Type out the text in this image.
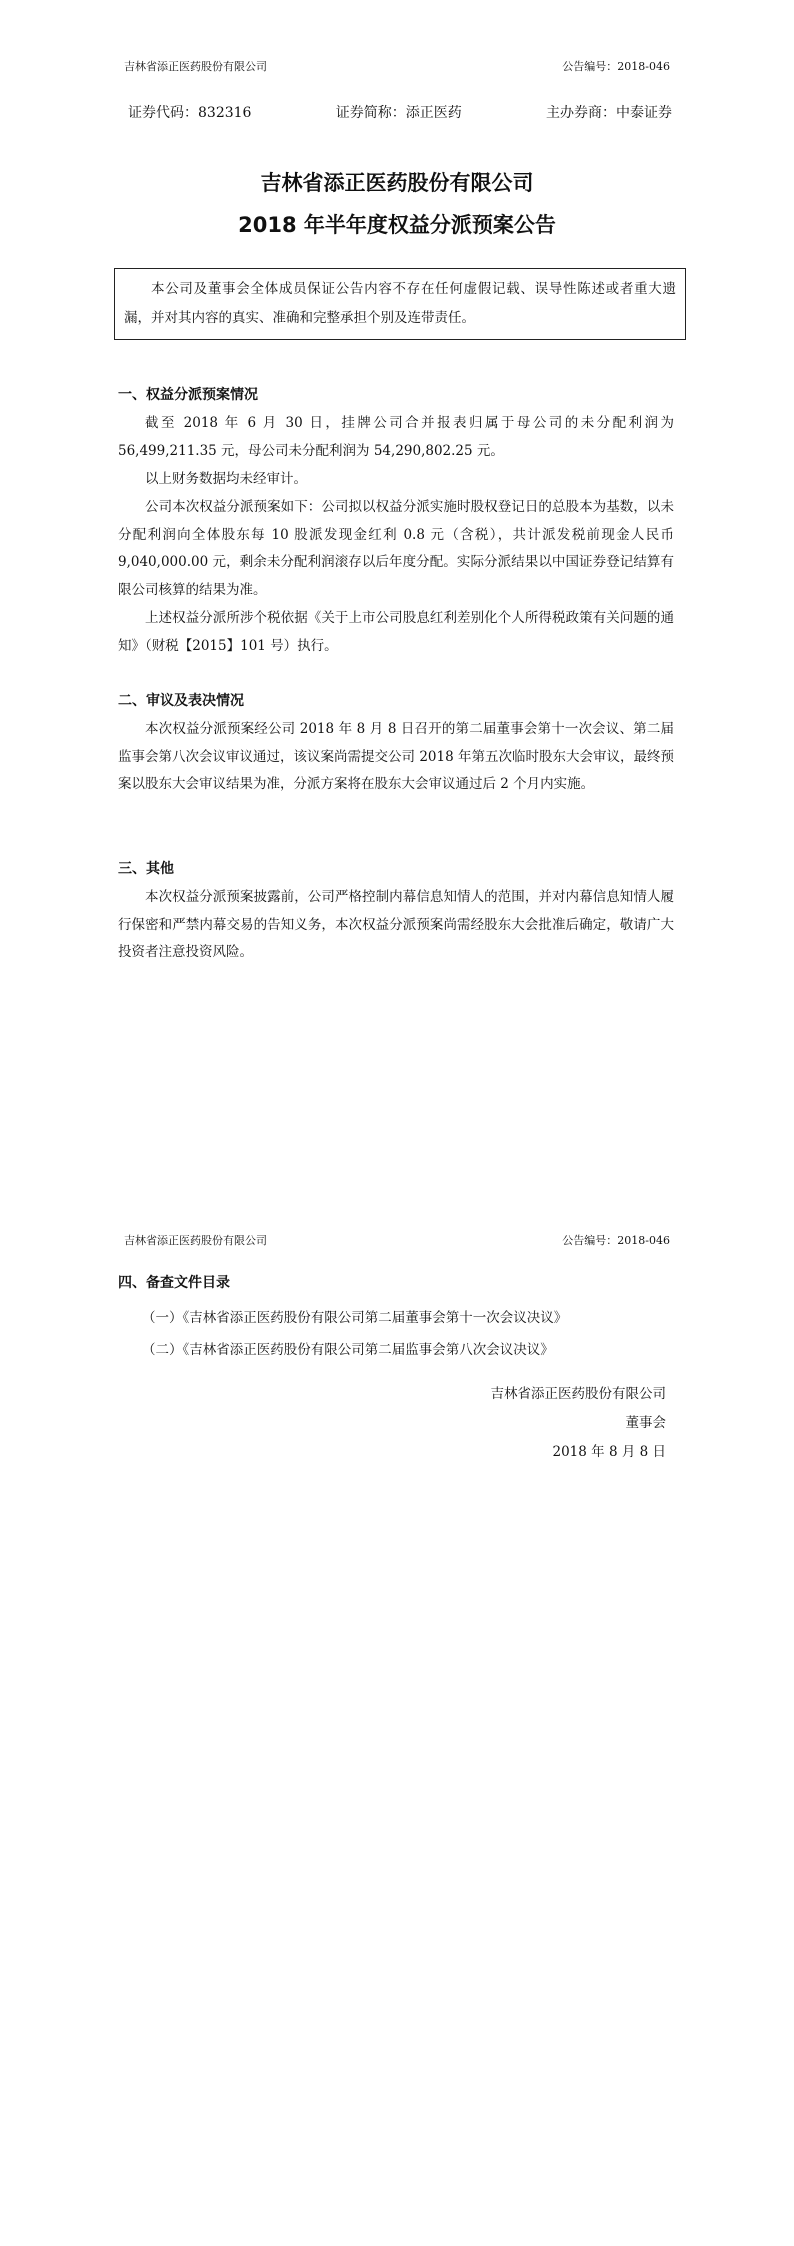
吉林省添正医药股份有限公司	公告编号：2018-046
证券代码：832316	证券简称：添正医药	主办券商：中泰证券
吉林省添正医药股份有限公司
2018 年半年度权益分派预案公告
本公司及董事会全体成员保证公告内容不存在任何虚假记载、误导性陈述或者重大遗漏，并对其内容的真实、准确和完整承担个别及连带责任。
一、权益分派预案情况

截至 2018 年 6 月 30 日，挂牌公司合并报表归属于母公司的未分配利润为 56,499,211.35 元，母公司未分配利润为 54,290,802.25 元。

以上财务数据均未经审计。

公司本次权益分派预案如下：公司拟以权益分派实施时股权登记日的总股本为基数，以未分配利润向全体股东每 10 股派发现金红利 0.8 元（含税），共计派发税前现金人民币 9,040,000.00 元，剩余未分配利润滚存以后年度分配。实际分派结果以中国证券登记结算有限公司核算的结果为准。

上述权益分派所涉个税依据《关于上市公司股息红利差别化个人所得税政策有关问题的通知》（财税【2015】101 号）执行。

二、审议及表决情况

本次权益分派预案经公司 2018 年 8 月 8 日召开的第二届董事会第十一次会议、第二届监事会第八次会议审议通过，该议案尚需提交公司 2018 年第五次临时股东大会审议，最终预案以股东大会审议结果为准，分派方案将在股东大会审议通过后 2 个月内实施。

三、其他

本次权益分派预案披露前，公司严格控制内幕信息知情人的范围，并对内幕信息知情人履行保密和严禁内幕交易的告知义务，本次权益分派预案尚需经股东大会批准后确定，敬请广大投资者注意投资风险。

吉林省添正医药股份有限公司	公告编号：2018-046
四、备查文件目录
（一）《吉林省添正医药股份有限公司第二届董事会第十一次会议决议》
（二）《吉林省添正医药股份有限公司第二届监事会第八次会议决议》
吉林省添正医药股份有限公司
董事会
2018 年 8 月 8 日
